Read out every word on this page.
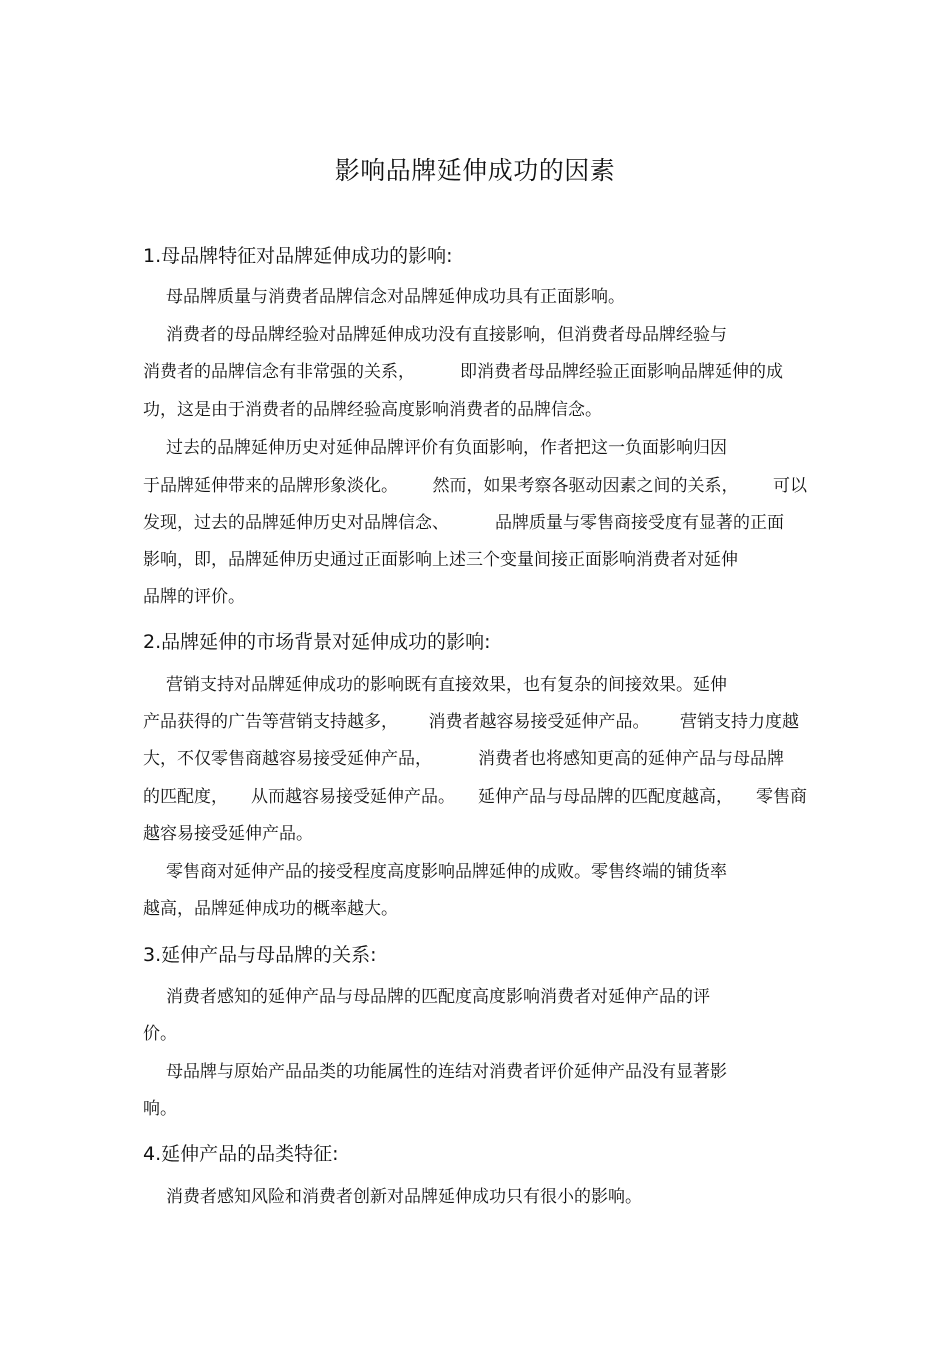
影响品牌延伸成功的因素
1.母品牌特征对品牌延伸成功的影响:
母品牌质量与消费者品牌信念对品牌延伸成功具有正面影响。
消费者的母品牌经验对品牌延伸成功没有直接影响，但消费者母品牌经验与
消费者的品牌信念有非常强的关系，	即消费者母品牌经验正面影响品牌延伸的成
功，这是由于消费者的品牌经验高度影响消费者的品牌信念。
过去的品牌延伸历史对延伸品牌评价有负面影响，作者把这一负面影响归因
于品牌延伸带来的品牌形象淡化。 然而，如果考察各驱动因素之间的关系， 可以
发现，过去的品牌延伸历史对品牌信念、	品牌质量与零售商接受度有显著的正面
影响，即，品牌延伸历史通过正面影响上述三个变量间接正面影响消费者对延伸
品牌的评价。
2.品牌延伸的市场背景对延伸成功的影响:
营销支持对品牌延伸成功的影响既有直接效果，也有复杂的间接效果。延伸
产品获得的广告等营销支持越多， 消费者越容易接受延伸产品。 营销支持力度越
大，不仅零售商越容易接受延伸产品，	消费者也将感知更高的延伸产品与母品牌
的匹配度， 从而越容易接受延伸产品。 延伸产品与母品牌的匹配度越高， 零售商
越容易接受延伸产品。
零售商对延伸产品的接受程度高度影响品牌延伸的成败。零售终端的铺货率
越高，品牌延伸成功的概率越大。
3.延伸产品与母品牌的关系:
消费者感知的延伸产品与母品牌的匹配度高度影响消费者对延伸产品的评
价。
母品牌与原始产品品类的功能属性的连结对消费者评价延伸产品没有显著影
响。
4.延伸产品的品类特征:
消费者感知风险和消费者创新对品牌延伸成功只有很小的影响。
